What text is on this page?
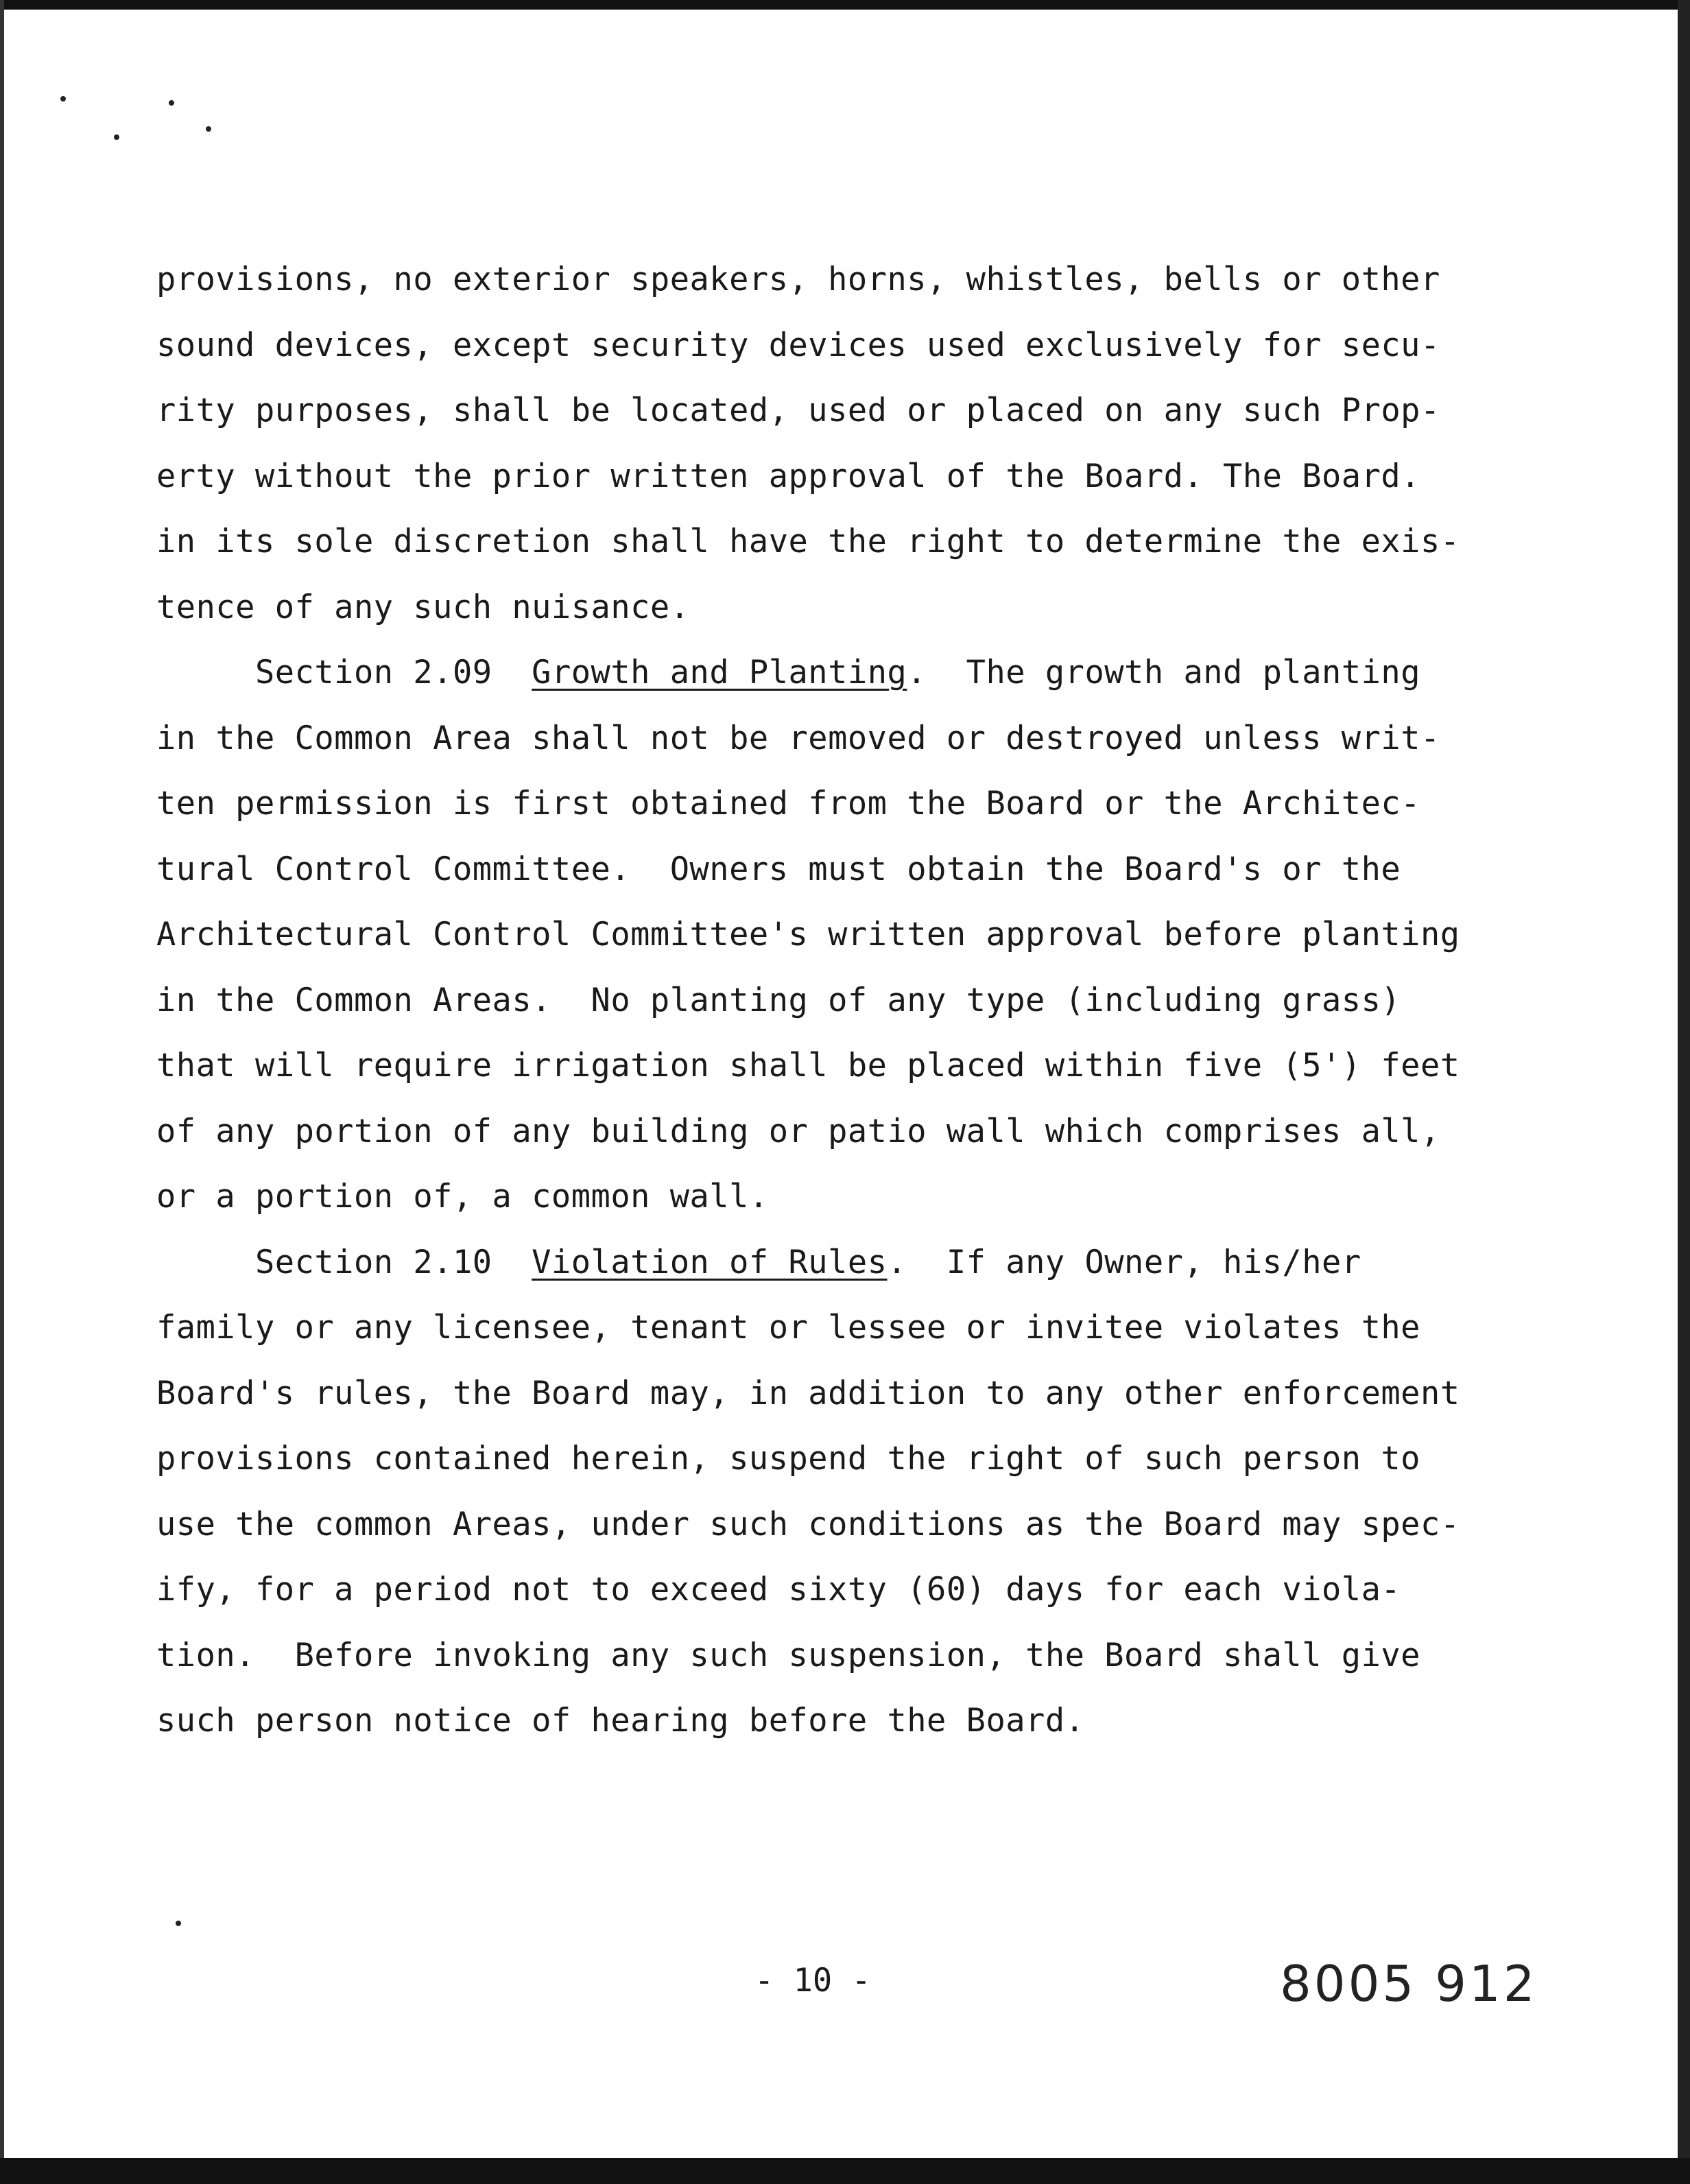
provisions, no exterior speakers, horns, whistles, bells or other
sound devices, except security devices used exclusively for secu-
rity purposes, shall be located, used or placed on any such Prop-
erty without the prior written approval of the Board. The Board.
in its sole discretion shall have the right to determine the exis-
tence of any such nuisance.
Section 2.09 Growth and Planting.  The growth and planting
in the Common Area shall not be removed or destroyed unless writ-
ten permission is first obtained from the Board or the Architec-
tural Control Committee.  Owners must obtain the Board's or the
Architectural Control Committee's written approval before planting
in the Common Areas.  No planting of any type (including grass)
that will require irrigation shall be placed within five (5') feet
of any portion of any building or patio wall which comprises all,
or a portion of, a common wall.
Section 2.10 Violation of Rules.  If any Owner, his/her
family or any licensee, tenant or lessee or invitee violates the
Board's rules, the Board may, in addition to any other enforcement
provisions contained herein, suspend the right of such person to
use the common Areas, under such conditions as the Board may spec-
ify, for a period not to exceed sixty (60) days for each viola-
tion.  Before invoking any such suspension, the Board shall give
such person notice of hearing before the Board.
- 10 -	8005 912
